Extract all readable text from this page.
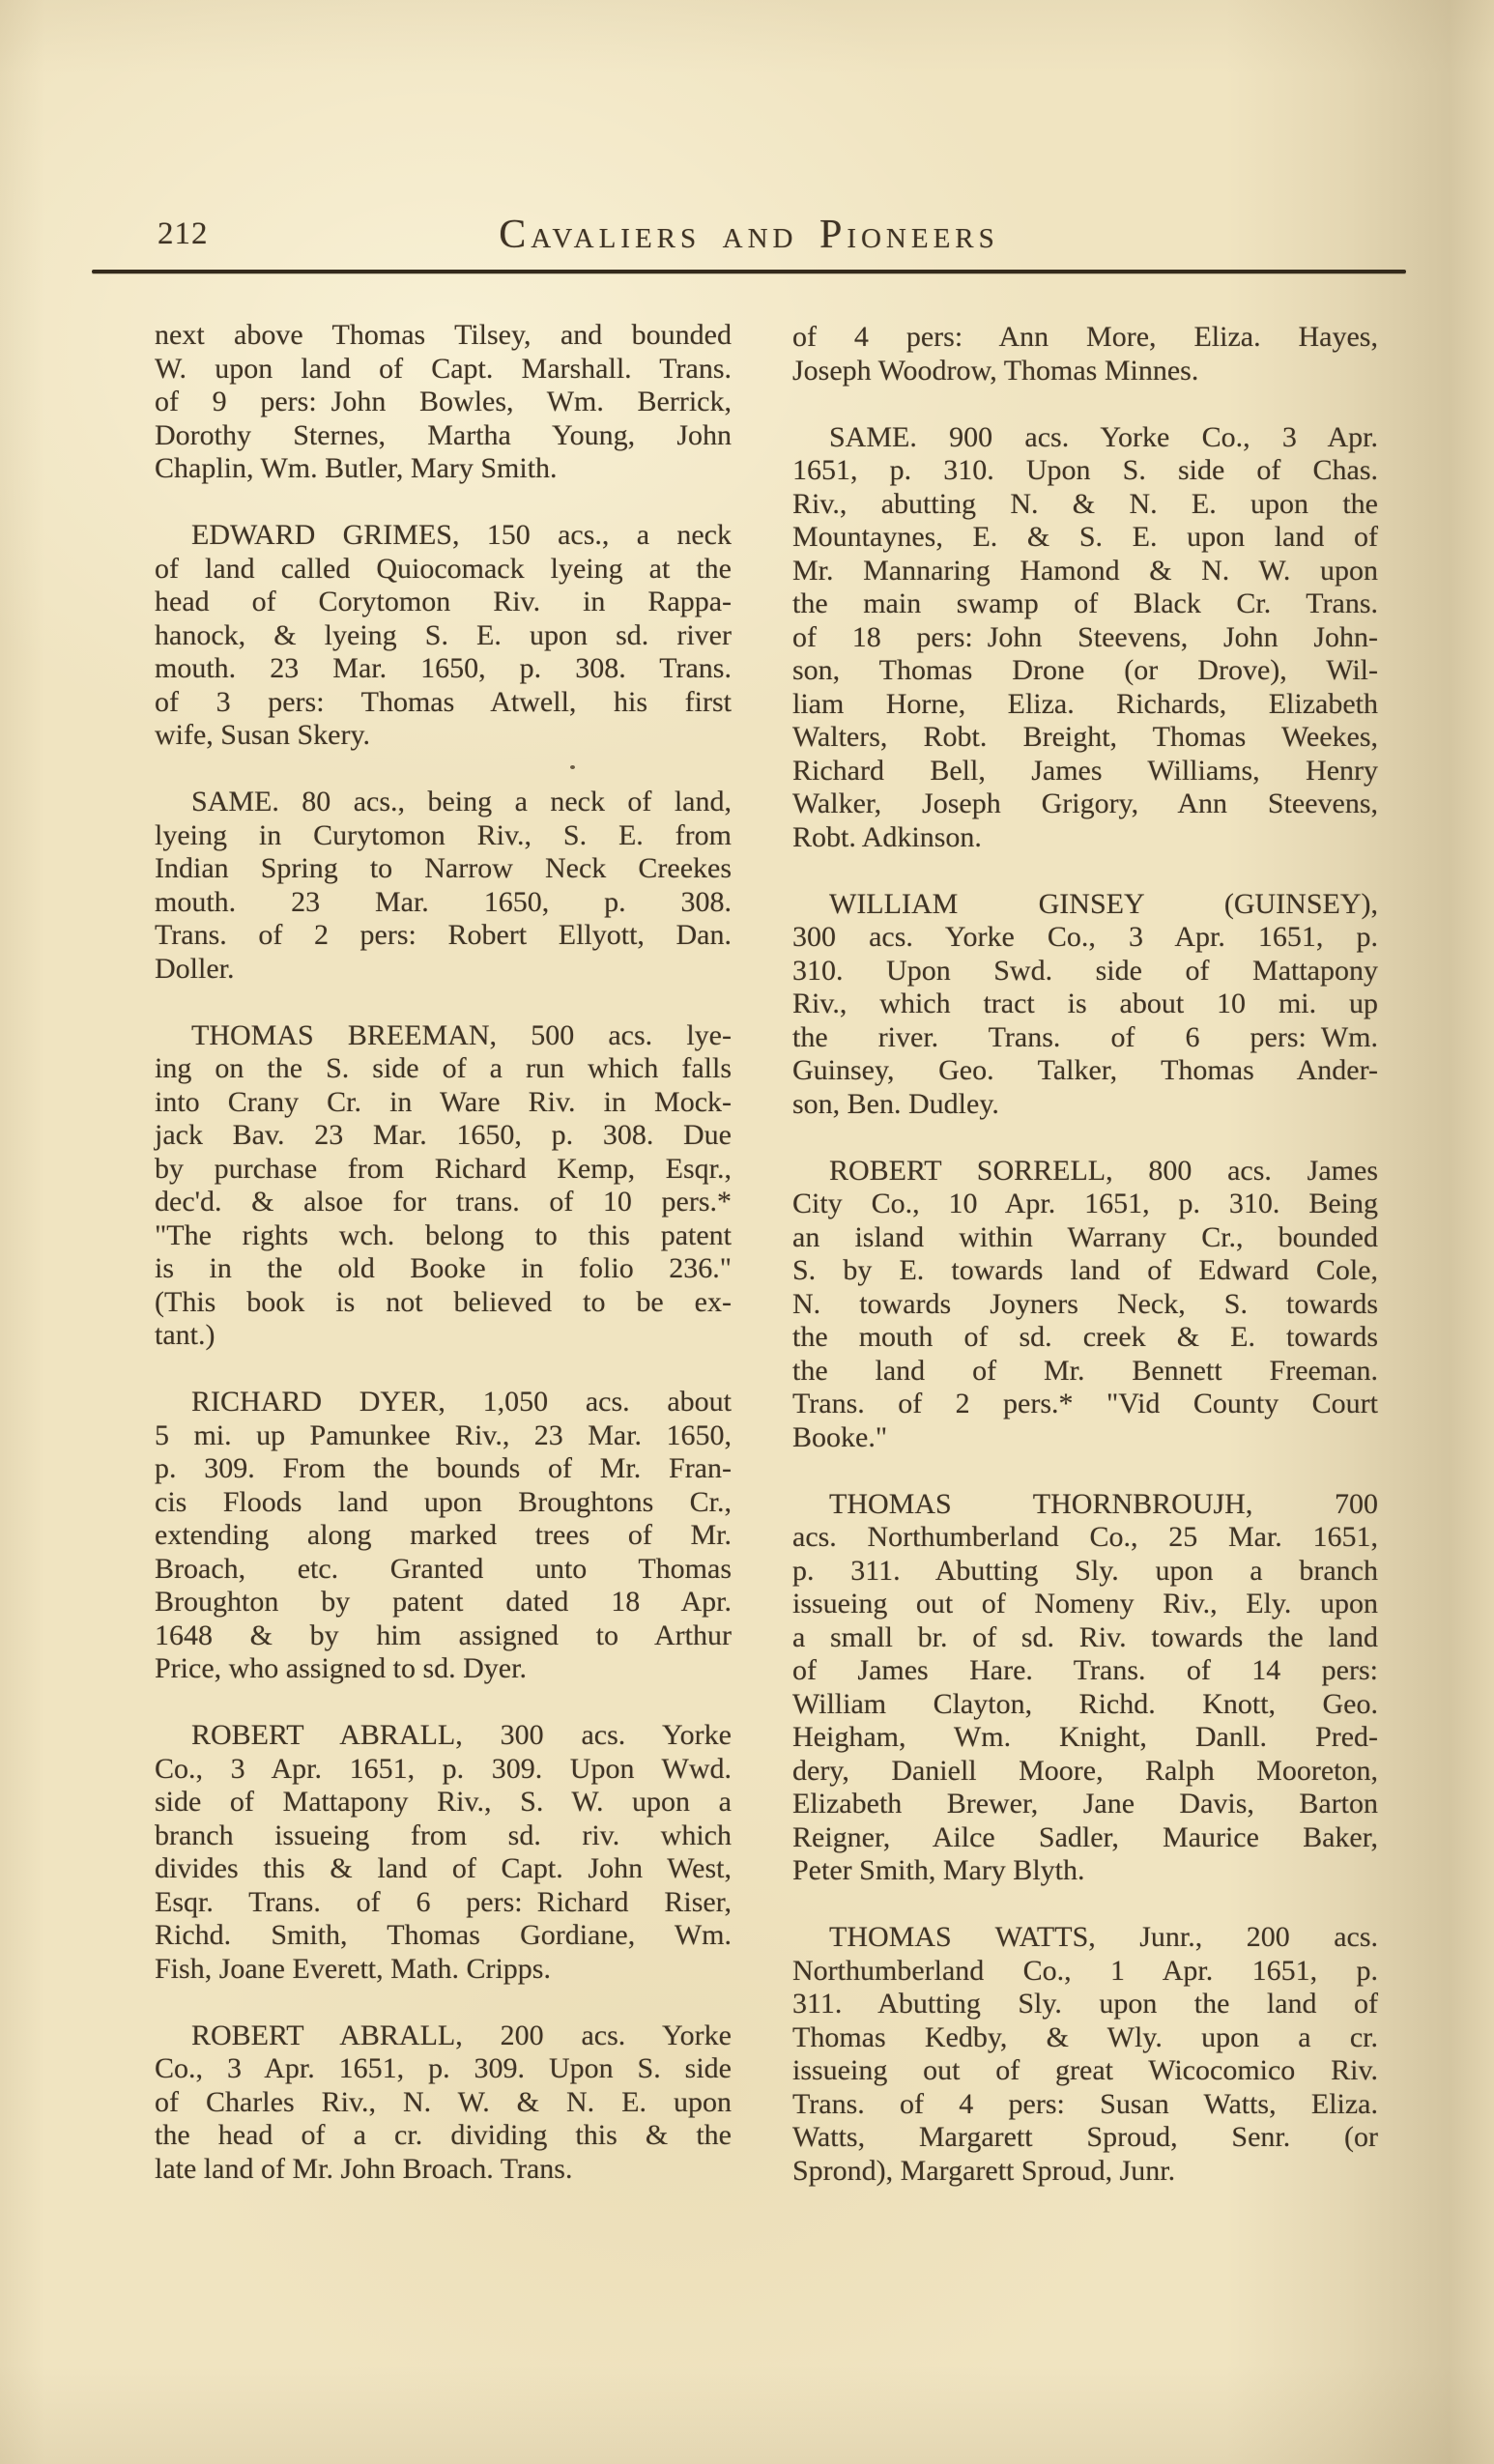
212	Cavaliers and Pioneers

next above Thomas Tilsey, and bounded
W. upon land of Capt. Marshall. Trans.
of 9 pers: John Bowles, Wm. Berrick,
Dorothy Sternes, Martha Young, John
Chaplin, Wm. Butler, Mary Smith.

EDWARD GRIMES, 150 acs., a neck
of land called Quiocomack lyeing at the
head of Corytomon Riv. in Rappa-
hanock, & lyeing S. E. upon sd. river
mouth. 23 Mar. 1650, p. 308. Trans.
of 3 pers: Thomas Atwell, his first
wife, Susan Skery.

SAME. 80 acs., being a neck of land,
lyeing in Curytomon Riv., S. E. from
Indian Spring to Narrow Neck Creekes
mouth. 23 Mar. 1650, p. 308.
Trans. of 2 pers: Robert Ellyott, Dan.
Doller.

THOMAS BREEMAN, 500 acs. lye-
ing on the S. side of a run which falls
into Crany Cr. in Ware Riv. in Mock-
jack Bav. 23 Mar. 1650, p. 308. Due
by purchase from Richard Kemp, Esqr.,
dec'd. & alsoe for trans. of 10 pers.*
"The rights wch. belong to this patent
is in the old Booke in folio 236."
(This book is not believed to be ex-
tant.)

RICHARD DYER, 1,050 acs. about
5 mi. up Pamunkee Riv., 23 Mar. 1650,
p. 309. From the bounds of Mr. Fran-
cis Floods land upon Broughtons Cr.,
extending along marked trees of Mr.
Broach, etc. Granted unto Thomas
Broughton by patent dated 18 Apr.
1648 & by him assigned to Arthur
Price, who assigned to sd. Dyer.

ROBERT ABRALL, 300 acs. Yorke
Co., 3 Apr. 1651, p. 309. Upon Wwd.
side of Mattapony Riv., S. W. upon a
branch issueing from sd. riv. which
divides this & land of Capt. John West,
Esqr. Trans. of 6 pers: Richard Riser,
Richd. Smith, Thomas Gordiane, Wm.
Fish, Joane Everett, Math. Cripps.

ROBERT ABRALL, 200 acs. Yorke
Co., 3 Apr. 1651, p. 309. Upon S. side
of Charles Riv., N. W. & N. E. upon
the head of a cr. dividing this & the
late land of Mr. John Broach. Trans.

of 4 pers: Ann More, Eliza. Hayes,
Joseph Woodrow, Thomas Minnes.

SAME. 900 acs. Yorke Co., 3 Apr.
1651, p. 310. Upon S. side of Chas.
Riv., abutting N. & N. E. upon the
Mountaynes, E. & S. E. upon land of
Mr. Mannaring Hamond & N. W. upon
the main swamp of Black Cr. Trans.
of 18 pers: John Steevens, John John-
son, Thomas Drone (or Drove), Wil-
liam Horne, Eliza. Richards, Elizabeth
Walters, Robt. Breight, Thomas Weekes,
Richard Bell, James Williams, Henry
Walker, Joseph Grigory, Ann Steevens,
Robt. Adkinson.

WILLIAM GINSEY (GUINSEY),
300 acs. Yorke Co., 3 Apr. 1651, p.
310. Upon Swd. side of Mattapony
Riv., which tract is about 10 mi. up
the river. Trans. of 6 pers: Wm.
Guinsey, Geo. Talker, Thomas Ander-
son, Ben. Dudley.

ROBERT SORRELL, 800 acs. James
City Co., 10 Apr. 1651, p. 310. Being
an island within Warrany Cr., bounded
S. by E. towards land of Edward Cole,
N. towards Joyners Neck, S. towards
the mouth of sd. creek & E. towards
the land of Mr. Bennett Freeman.
Trans. of 2 pers.* "Vid County Court
Booke."

THOMAS THORNBROUJH, 700
acs. Northumberland Co., 25 Mar. 1651,
p. 311. Abutting Sly. upon a branch
issueing out of Nomeny Riv., Ely. upon
a small br. of sd. Riv. towards the land
of James Hare. Trans. of 14 pers:
William Clayton, Richd. Knott, Geo.
Heigham, Wm. Knight, Danll. Pred-
dery, Daniell Moore, Ralph Mooreton,
Elizabeth Brewer, Jane Davis, Barton
Reigner, Ailce Sadler, Maurice Baker,
Peter Smith, Mary Blyth.

THOMAS WATTS, Junr., 200 acs.
Northumberland Co., 1 Apr. 1651, p.
311. Abutting Sly. upon the land of
Thomas Kedby, & Wly. upon a cr.
issueing out of great Wicocomico Riv.
Trans. of 4 pers: Susan Watts, Eliza.
Watts, Margarett Sproud, Senr. (or
Sprond), Margarett Sproud, Junr.
